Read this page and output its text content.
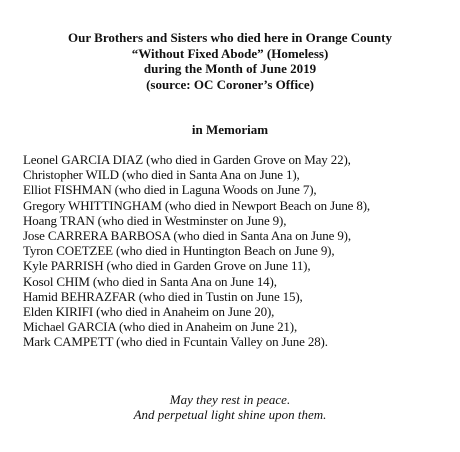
Our Brothers and Sisters who died here in Orange County
“Without Fixed Abode” (Homeless)
during the Month of June 2019
(source: OC Coroner’s Office)
in Memoriam
Leonel GARCIA DIAZ (who died in Garden Grove on May 22),
Christopher WILD (who died in Santa Ana on June 1),
Elliot FISHMAN (who died in Laguna Woods on June 7),
Gregory WHITTINGHAM (who died in Newport Beach on June 8),
Hoang TRAN (who died in Westminster on June 9),
Jose CARRERA BARBOSA (who died in Santa Ana on June 9),
Tyron COETZEE (who died in Huntington Beach on June 9),
Kyle PARRISH (who died in Garden Grove on June 11),
Kosol CHIM (who died in Santa Ana on June 14),
Hamid BEHRAZFAR (who died in Tustin on June 15),
Elden KIRIFI (who died in Anaheim on June 20),
Michael GARCIA (who died in Anaheim on June 21),
Mark CAMPETT (who died in Fcuntain Valley on June 28).
May they rest in peace.
And perpetual light shine upon them.
